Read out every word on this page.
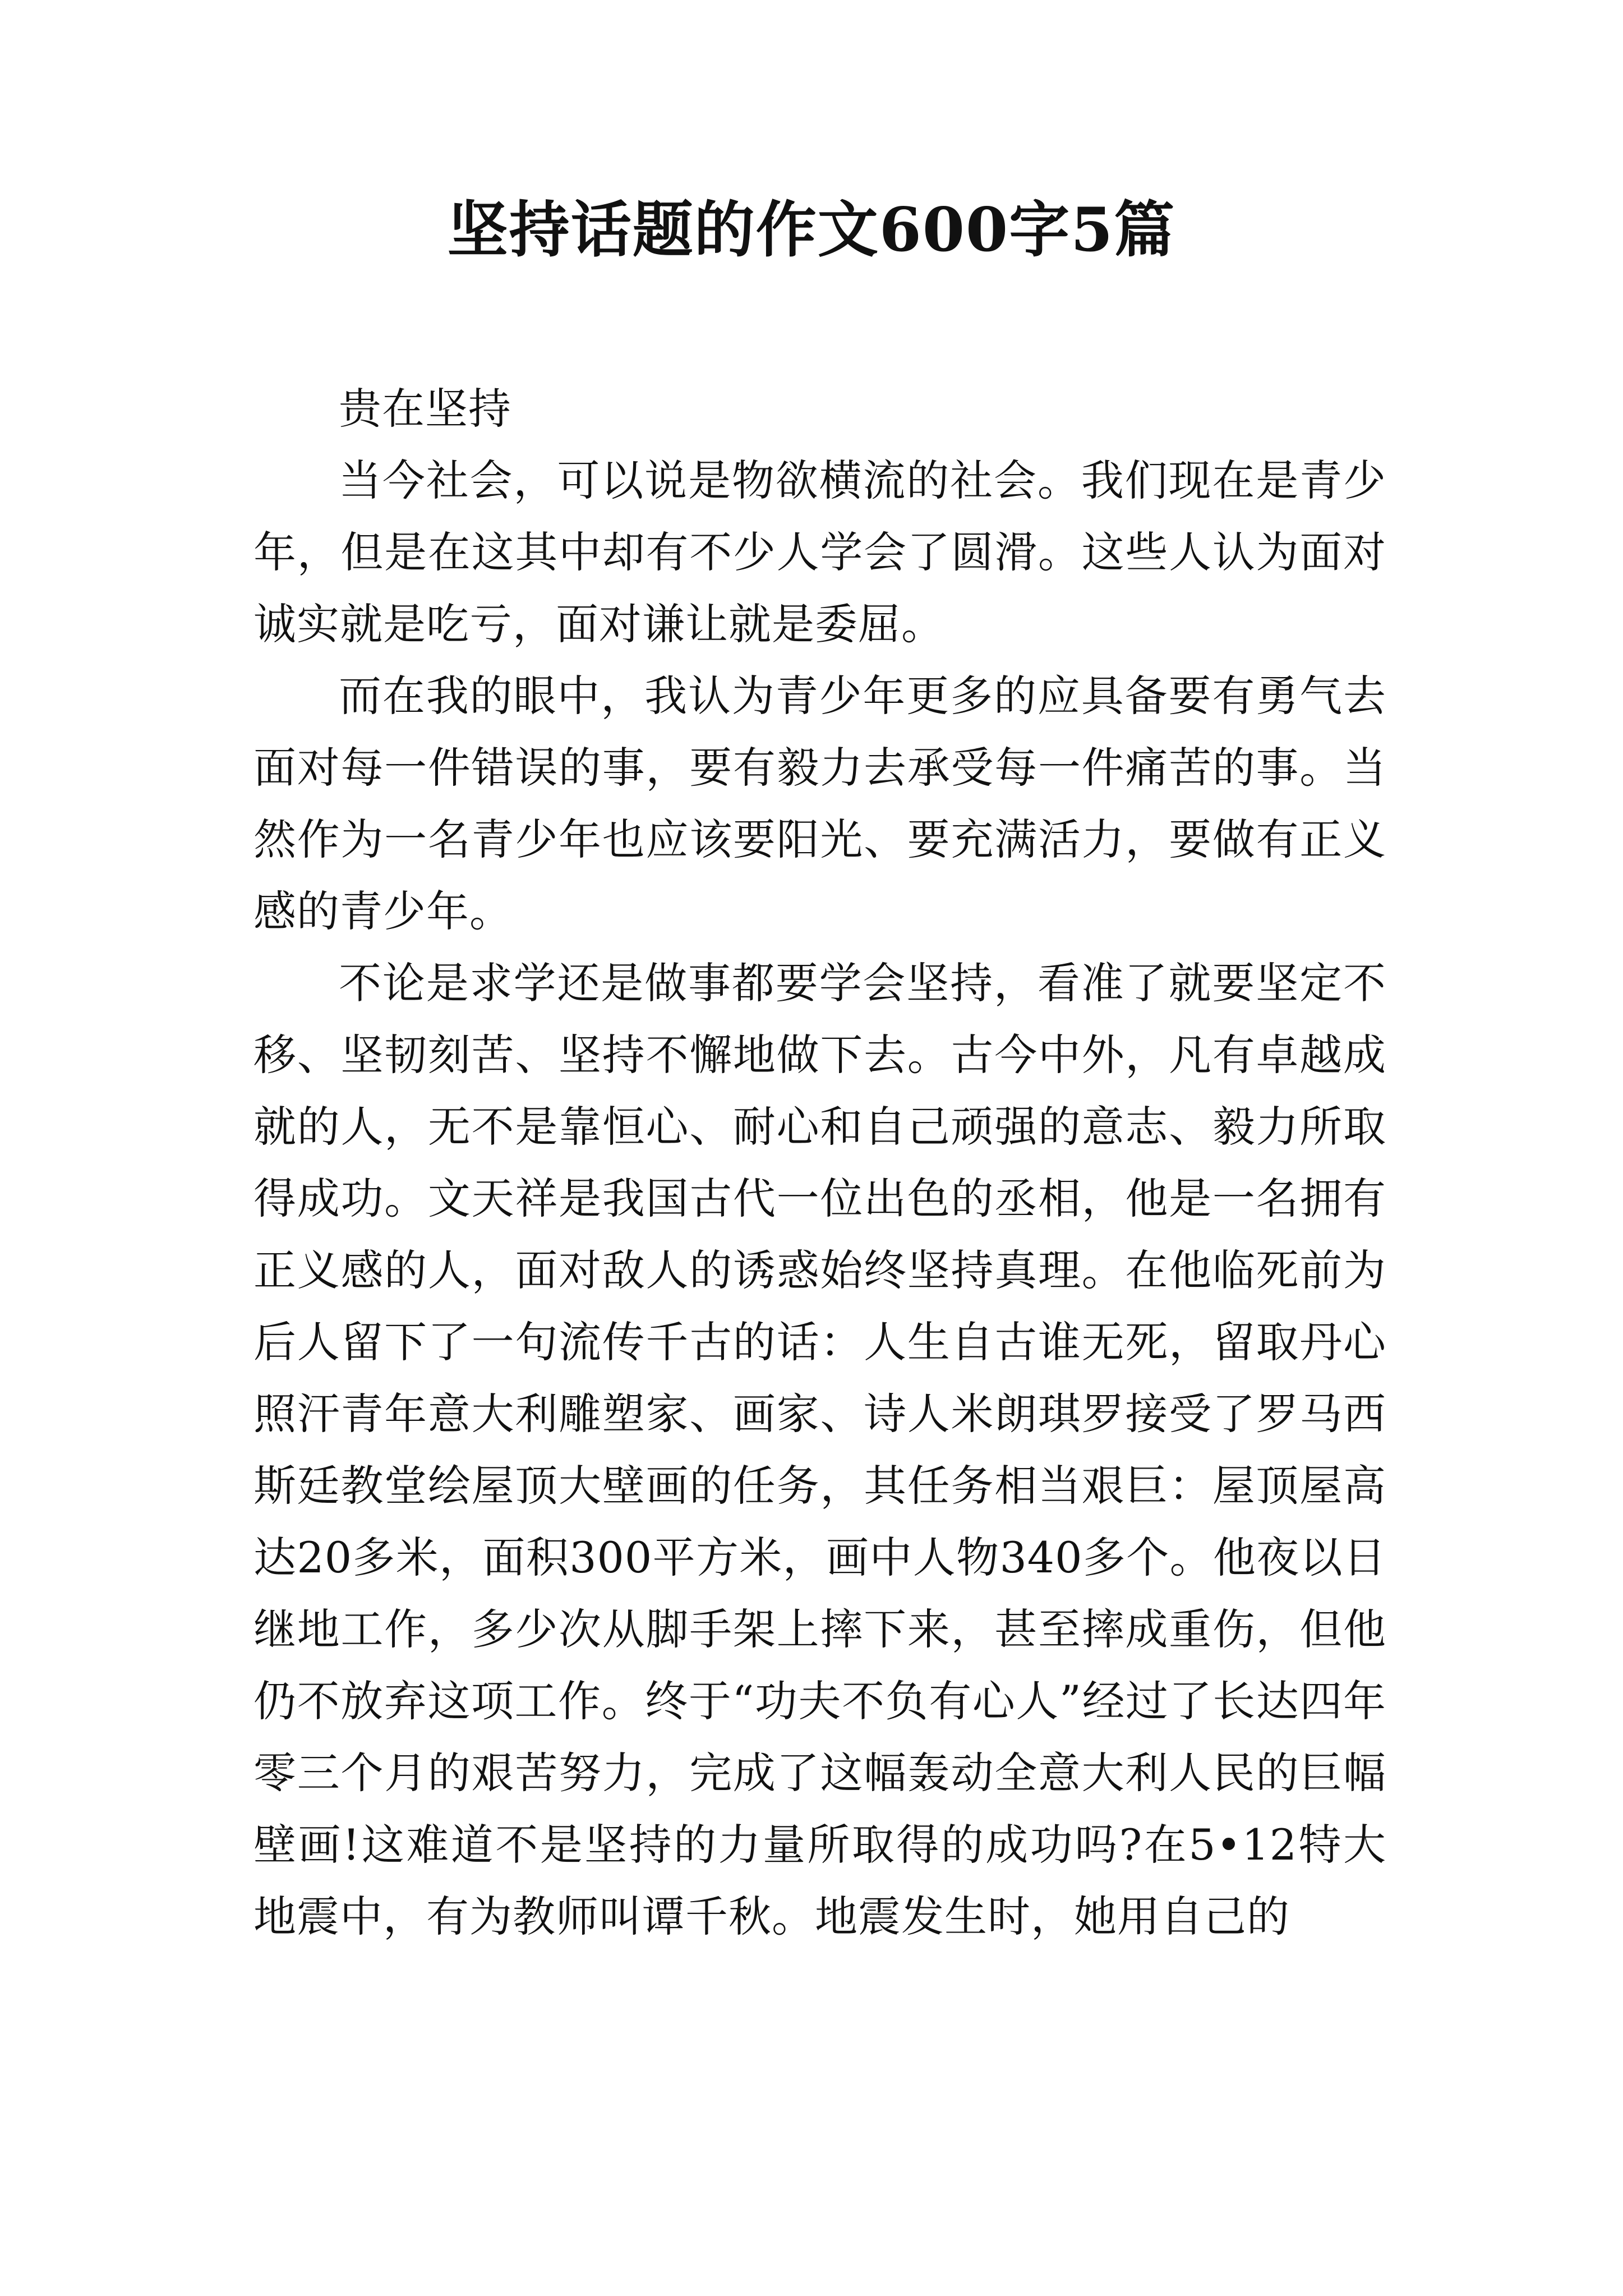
坚持话题的作文600字5篇

贵在坚持

当今社会，可以说是物欲横流的社会。我们现在是青少年，但是在这其中却有不少人学会了圆滑。这些人认为面对诚实就是吃亏，面对谦让就是委屈。

而在我的眼中，我认为青少年更多的应具备要有勇气去面对每一件错误的事，要有毅力去承受每一件痛苦的事。当然作为一名青少年也应该要阳光、要充满活力，要做有正义感的青少年。

不论是求学还是做事都要学会坚持，看准了就要坚定不移、坚韧刻苦、坚持不懈地做下去。古今中外，凡有卓越成就的人，无不是靠恒心、耐心和自己顽强的意志、毅力所取得成功。文天祥是我国古代一位出色的丞相，他是一名拥有正义感的人，面对敌人的诱惑始终坚持真理。在他临死前为后人留下了一句流传千古的话：人生自古谁无死，留取丹心照汗青年意大利雕塑家、画家、诗人米朗琪罗接受了罗马西斯廷教堂绘屋顶大壁画的任务，其任务相当艰巨：屋顶屋高达20多米，面积300平方米，画中人物340多个。他夜以日继地工作，多少次从脚手架上摔下来，甚至摔成重伤，但他仍不放弃这项工作。终于“功夫不负有心人”经过了长达四年零三个月的艰苦努力，完成了这幅轰动全意大利人民的巨幅壁画!这难道不是坚持的力量所取得的成功吗?在5•12特大地震中，有为教师叫谭千秋。地震发生时，她用自己的
